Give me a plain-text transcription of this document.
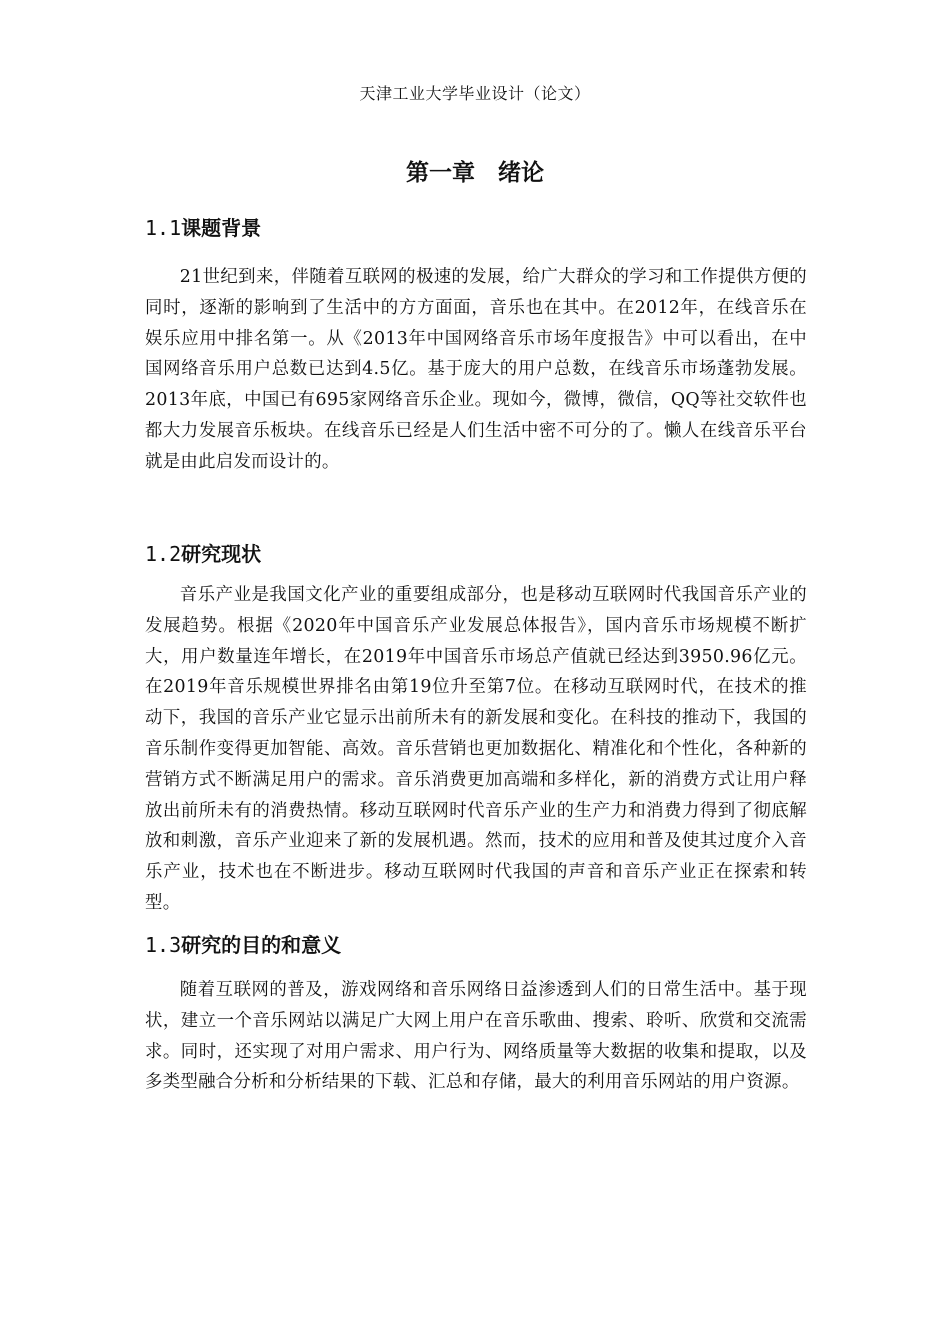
天津工业大学毕业设计（论文）
第一章　绪论
1.1课题背景

21世纪到来，伴随着互联网的极速的发展，给广大群众的学习和工作提供方便的同时，逐渐的影响到了生活中的方方面面，音乐也在其中。在2012年，在线音乐在娱乐应用中排名第一。从《2013年中国网络音乐市场年度报告》中可以看出，在中国网络音乐用户总数已达到4.5亿。基于庞大的用户总数，在线音乐市场蓬勃发展。2013年底，中国已有695家网络音乐企业。现如今，微博，微信，QQ等社交软件也都大力发展音乐板块。在线音乐已经是人们生活中密不可分的了。懒人在线音乐平台就是由此启发而设计的。

1.2研究现状

音乐产业是我国文化产业的重要组成部分，也是移动互联网时代我国音乐产业的发展趋势。根据《2020年中国音乐产业发展总体报告》，国内音乐市场规模不断扩大，用户数量连年增长，在2019年中国音乐市场总产值就已经达到3950.96亿元。在2019年音乐规模世界排名由第19位升至第7位。在移动互联网时代，在技术的推动下，我国的音乐产业它显示出前所未有的新发展和变化。在科技的推动下，我国的音乐制作变得更加智能、高效。音乐营销也更加数据化、精准化和个性化，各种新的营销方式不断满足用户的需求。音乐消费更加高端和多样化，新的消费方式让用户释放出前所未有的消费热情。移动互联网时代音乐产业的生产力和消费力得到了彻底解放和刺激，音乐产业迎来了新的发展机遇。然而，技术的应用和普及使其过度介入音乐产业，技术也在不断进步。移动互联网时代我国的声音和音乐产业正在探索和转型。

1.3研究的目的和意义

随着互联网的普及，游戏网络和音乐网络日益渗透到人们的日常生活中。基于现状，建立一个音乐网站以满足广大网上用户在音乐歌曲、搜索、聆听、欣赏和交流需求。同时，还实现了对用户需求、用户行为、网络质量等大数据的收集和提取，以及多类型融合分析和分析结果的下载、汇总和存储，最大的利用音乐网站的用户资源。
